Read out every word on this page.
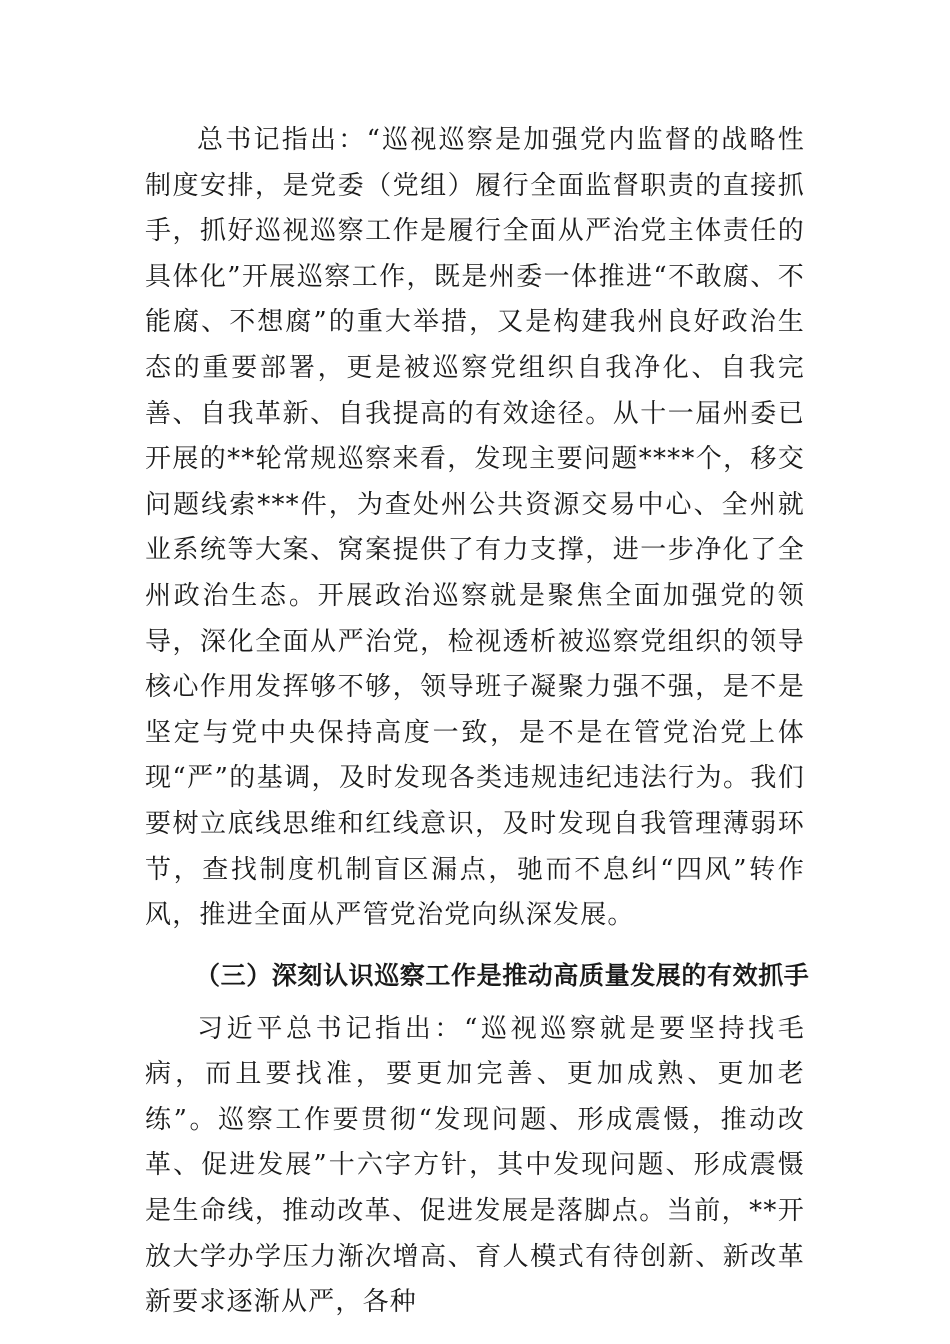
总书记指出：“巡视巡察是加强党内监督的战略性制度安排，是党委（党组）履行全面监督职责的直接抓手，抓好巡视巡察工作是履行全面从严治党主体责任的具体化”开展巡察工作，既是州委一体推进“不敢腐、不能腐、不想腐”的重大举措，又是构建我州良好政治生态的重要部署，更是被巡察党组织自我净化、自我完善、自我革新、自我提高的有效途径。从十一届州委已开展的**轮常规巡察来看，发现主要问题****个，移交问题线索***件，为查处州公共资源交易中心、全州就业系统等大案、窝案提供了有力支撑，进一步净化了全州政治生态。开展政治巡察就是聚焦全面加强党的领导，深化全面从严治党，检视透析被巡察党组织的领导核心作用发挥够不够，领导班子凝聚力强不强，是不是坚定与党中央保持高度一致，是不是在管党治党上体现“严”的基调，及时发现各类违规违纪违法行为。我们要树立底线思维和红线意识，及时发现自我管理薄弱环节，查找制度机制盲区漏点，驰而不息纠“四风”转作风，推进全面从严管党治党向纵深发展。

（三）深刻认识巡察工作是推动高质量发展的有效抓手

习近平总书记指出：“巡视巡察就是要坚持找毛病，而且要找准，要更加完善、更加成熟、更加老练”。巡察工作要贯彻“发现问题、形成震慑，推动改革、促进发展”十六字方针，其中发现问题、形成震慑是生命线，推动改革、促进发展是落脚点。当前，**开放大学办学压力渐次增高、育人模式有待创新、新改革新要求逐渐从严，各种
